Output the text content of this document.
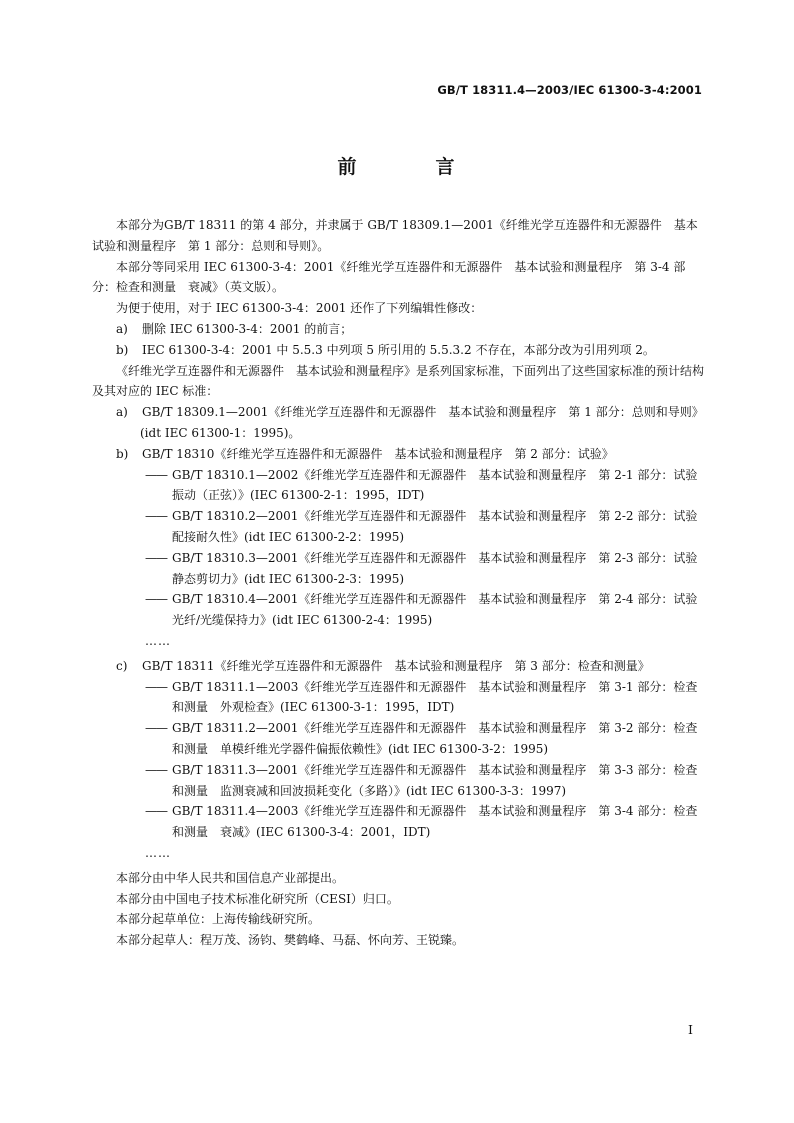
GB/T 18311.4—2003/IEC 61300-3-4:2001
前　言

本部分为GB/T 18311 的第 4 部分，并隶属于 GB/T 18309.1—2001《纤维光学互连器件和无源器件　基本试验和测量程序　第 1 部分：总则和导则》。

本部分等同采用 IEC 61300-3-4：2001《纤维光学互连器件和无源器件　基本试验和测量程序　第 3-4 部分：检查和测量　衰减》（英文版）。

为便于使用，对于 IEC 61300-3-4：2001 还作了下列编辑性修改：

a) 删除 IEC 61300-3-4：2001 的前言；

b) IEC 61300-3-4：2001 中 5.5.3 中列项 5 所引用的 5.5.3.2 不存在，本部分改为引用列项 2。

《纤维光学互连器件和无源器件　基本试验和测量程序》是系列国家标准，下面列出了这些国家标准的预计结构及其对应的 IEC 标准：

a) GB/T 18309.1—2001《纤维光学互连器件和无源器件　基本试验和测量程序　第 1 部分：总则和导则》(idt IEC 61300-1：1995)。

b) GB/T 18310《纤维光学互连器件和无源器件　基本试验和测量程序　第 2 部分：试验》

—— GB/T 18310.1—2002《纤维光学互连器件和无源器件　基本试验和测量程序　第 2-1 部分：试验　振动（正弦）》(IEC 61300-2-1：1995，IDT)

—— GB/T 18310.2—2001《纤维光学互连器件和无源器件　基本试验和测量程序　第 2-2 部分：试验　配接耐久性》(idt IEC 61300-2-2：1995)

—— GB/T 18310.3—2001《纤维光学互连器件和无源器件　基本试验和测量程序　第 2-3 部分：试验　静态剪切力》(idt IEC 61300-2-3：1995)

—— GB/T 18310.4—2001《纤维光学互连器件和无源器件　基本试验和测量程序　第 2-4 部分：试验　光纤/光缆保持力》(idt IEC 61300-2-4：1995)

……

c) GB/T 18311《纤维光学互连器件和无源器件　基本试验和测量程序　第 3 部分：检查和测量》

—— GB/T 18311.1—2003《纤维光学互连器件和无源器件　基本试验和测量程序　第 3-1 部分：检查和测量　外观检查》(IEC 61300-3-1：1995，IDT)

—— GB/T 18311.2—2001《纤维光学互连器件和无源器件　基本试验和测量程序　第 3-2 部分：检查和测量　单模纤维光学器件偏振依赖性》(idt IEC 61300-3-2：1995)

—— GB/T 18311.3—2001《纤维光学互连器件和无源器件　基本试验和测量程序　第 3-3 部分：检查和测量　监测衰减和回波损耗变化（多路）》(idt IEC 61300-3-3：1997)

—— GB/T 18311.4—2003《纤维光学互连器件和无源器件　基本试验和测量程序　第 3-4 部分：检查和测量　衰减》(IEC 61300-3-4：2001，IDT)

……

本部分由中华人民共和国信息产业部提出。

本部分由中国电子技术标准化研究所（CESI）归口。

本部分起草单位：上海传输线研究所。

本部分起草人：程万茂、汤钧、樊鹤峰、马磊、怀向芳、王锐臻。

I
